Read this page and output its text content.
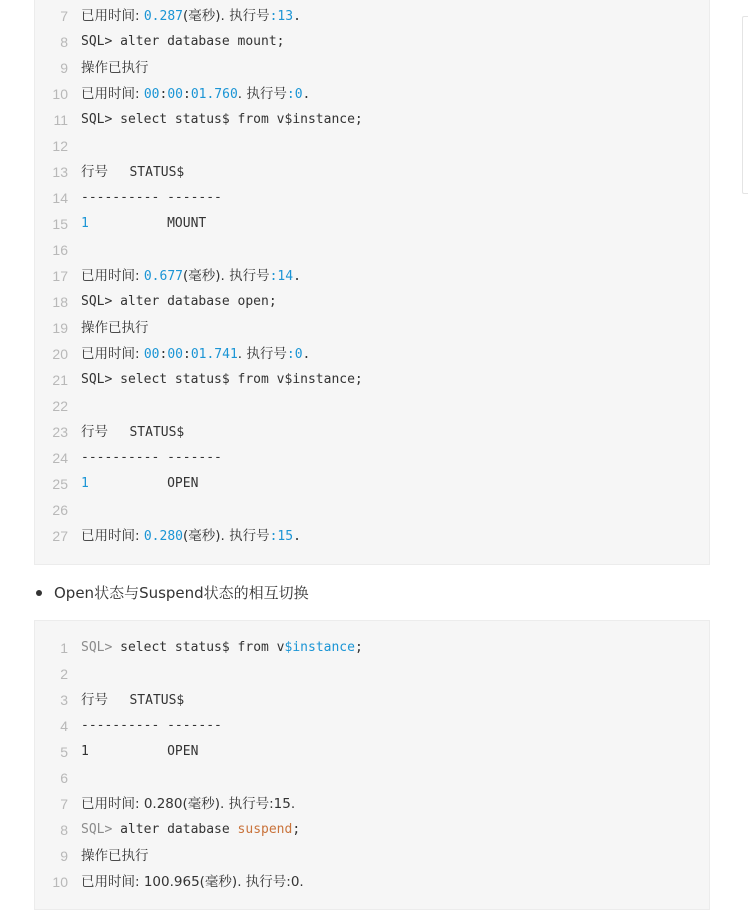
7 已用时间: 0.287(毫秒). 执行号:13.
8 SQL> alter database mount;
9 操作已执行
10 已用时间: 00:00:01.760. 执行号:0.
11 SQL> select status$ from v$instance;
12
13 行号     STATUS$
14 ---------- -------
15 1          MOUNT
16
17 已用时间: 0.677(毫秒). 执行号:14.
18 SQL> alter database open;
19 操作已执行
20 已用时间: 00:00:01.741. 执行号:0.
21 SQL> select status$ from v$instance;
22
23 行号     STATUS$
24 ---------- -------
25 1          OPEN
26
27 已用时间: 0.280(毫秒). 执行号:15.
Open状态与Suspend状态的相互切换
1 SQL> select status$ from v$instance;
2
3 行号     STATUS$
4 ---------- -------
5 1          OPEN
6
7 已用时间: 0.280(毫秒). 执行号:15.
8 SQL> alter database suspend;
9 操作已执行
10 已用时间: 100.965(毫秒). 执行号:0.
